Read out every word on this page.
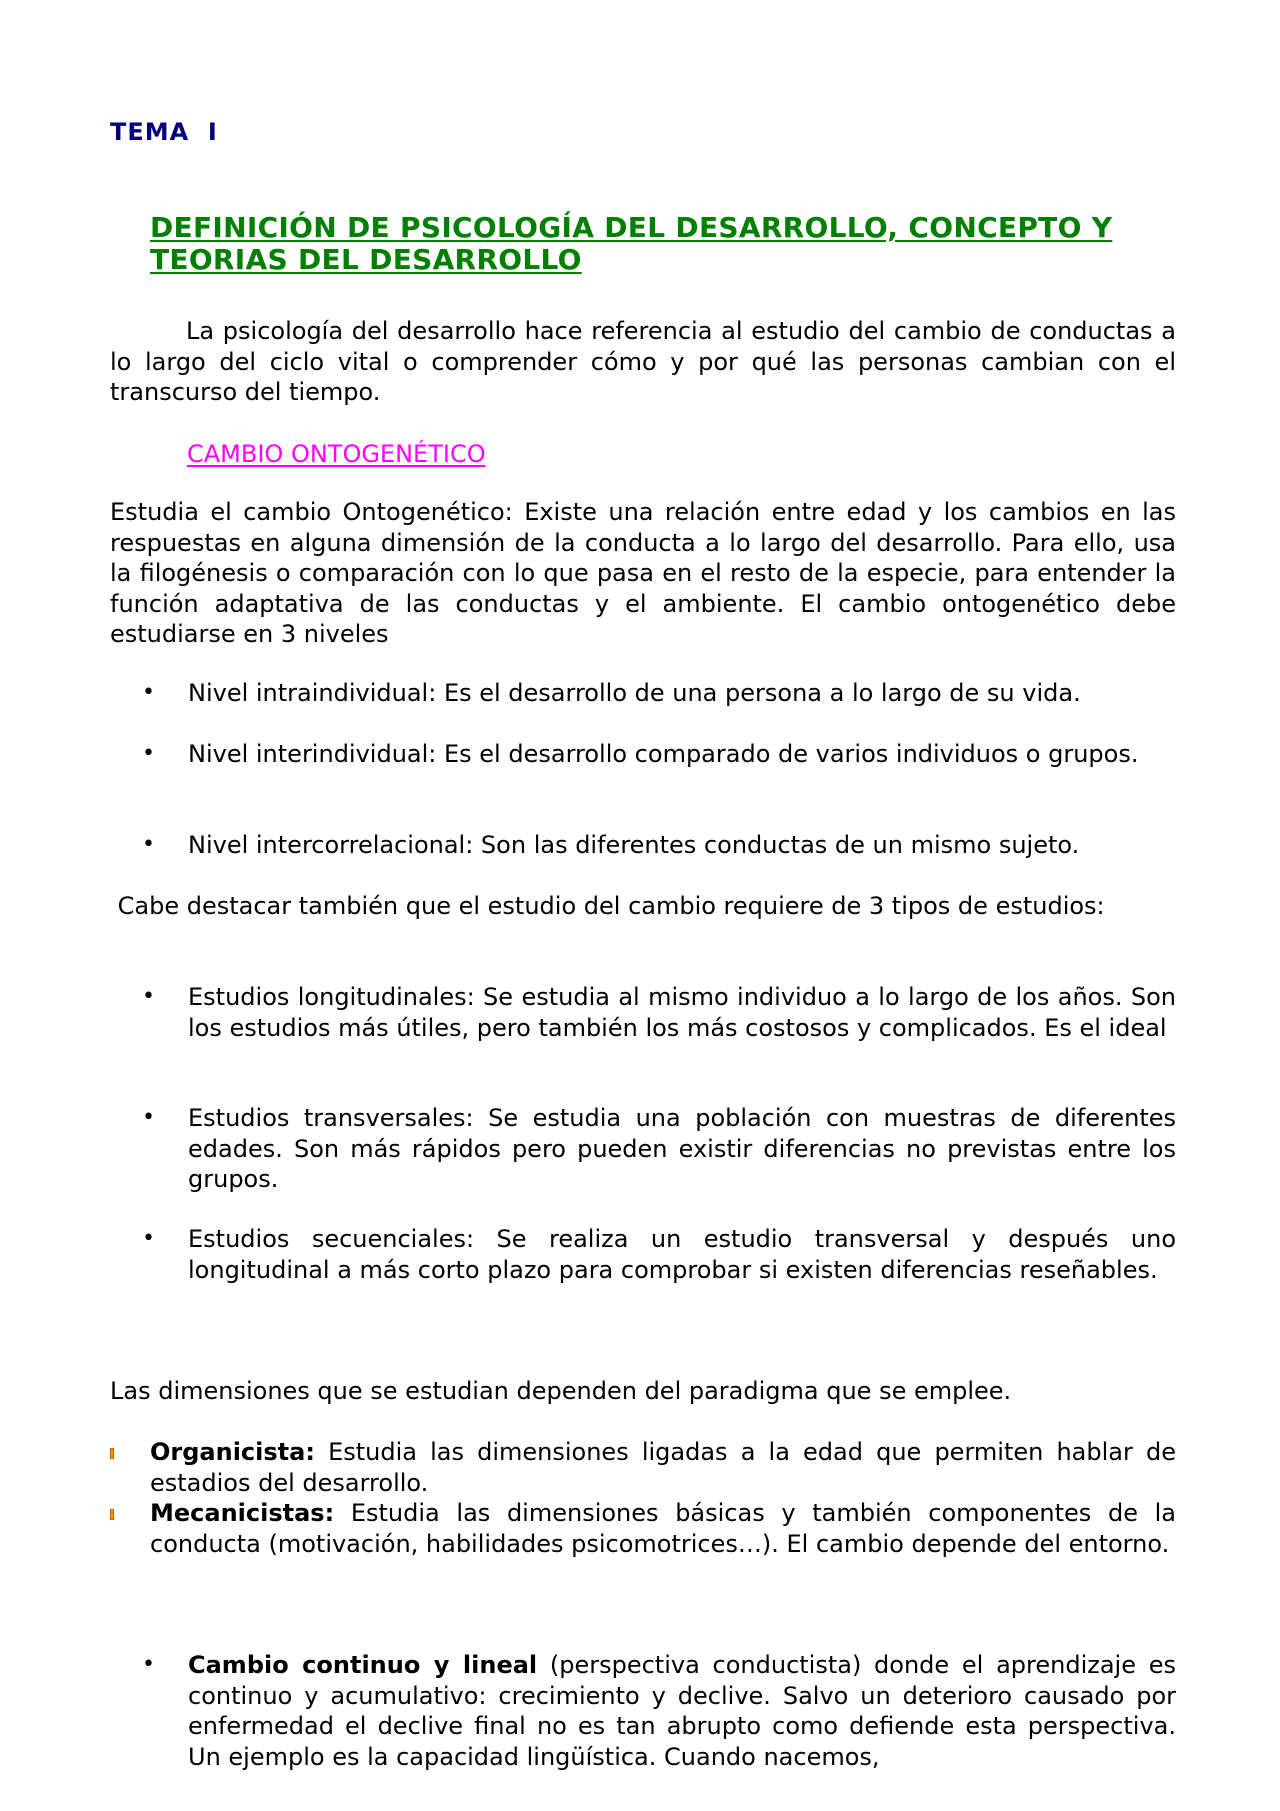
TEMA  I
DEFINICIÓN DE PSICOLOGÍA DEL DESARROLLO, CONCEPTO Y TEORIAS DEL DESARROLLO
La psicología del desarrollo hace referencia al estudio del cambio de conductas a lo largo del ciclo vital o comprender cómo y por qué las personas cambian con el transcurso del tiempo.
CAMBIO ONTOGENÉTICO
Estudia el cambio Ontogenético: Existe una relación entre edad y los cambios en las respuestas en alguna dimensión de la conducta a lo largo del desarrollo. Para ello, usa la filogénesis o comparación con lo que pasa en el resto de la especie, para entender la función adaptativa de las conductas y el ambiente. El cambio ontogenético debe estudiarse en 3 niveles
• Nivel intraindividual: Es el desarrollo de una persona a lo largo de su vida.
• Nivel interindividual: Es el desarrollo comparado de varios individuos o grupos.
• Nivel intercorrelacional: Son las diferentes conductas de un mismo sujeto.
Cabe destacar también que el estudio del cambio requiere de 3 tipos de estudios:
• Estudios longitudinales: Se estudia al mismo individuo a lo largo de los años. Son los estudios más útiles, pero también los más costosos y complicados. Es el ideal
• Estudios transversales: Se estudia una población con muestras de diferentes edades. Son más rápidos pero pueden existir diferencias no previstas entre los grupos.
• Estudios secuenciales: Se realiza un estudio transversal y después uno longitudinal a más corto plazo para comprobar si existen diferencias reseñables.
Las dimensiones que se estudian dependen del paradigma que se emplee.
Organicista: Estudia las dimensiones ligadas a la edad que permiten hablar de estadios del desarrollo.
Mecanicistas: Estudia las dimensiones básicas y también componentes de la conducta (motivación, habilidades psicomotrices…). El cambio depende del entorno.
• Cambio continuo y lineal (perspectiva conductista) donde el aprendizaje es continuo y acumulativo: crecimiento y declive. Salvo un deterioro causado por enfermedad el declive final no es tan abrupto como defiende esta perspectiva. Un ejemplo es la capacidad lingüística. Cuando nacemos,
